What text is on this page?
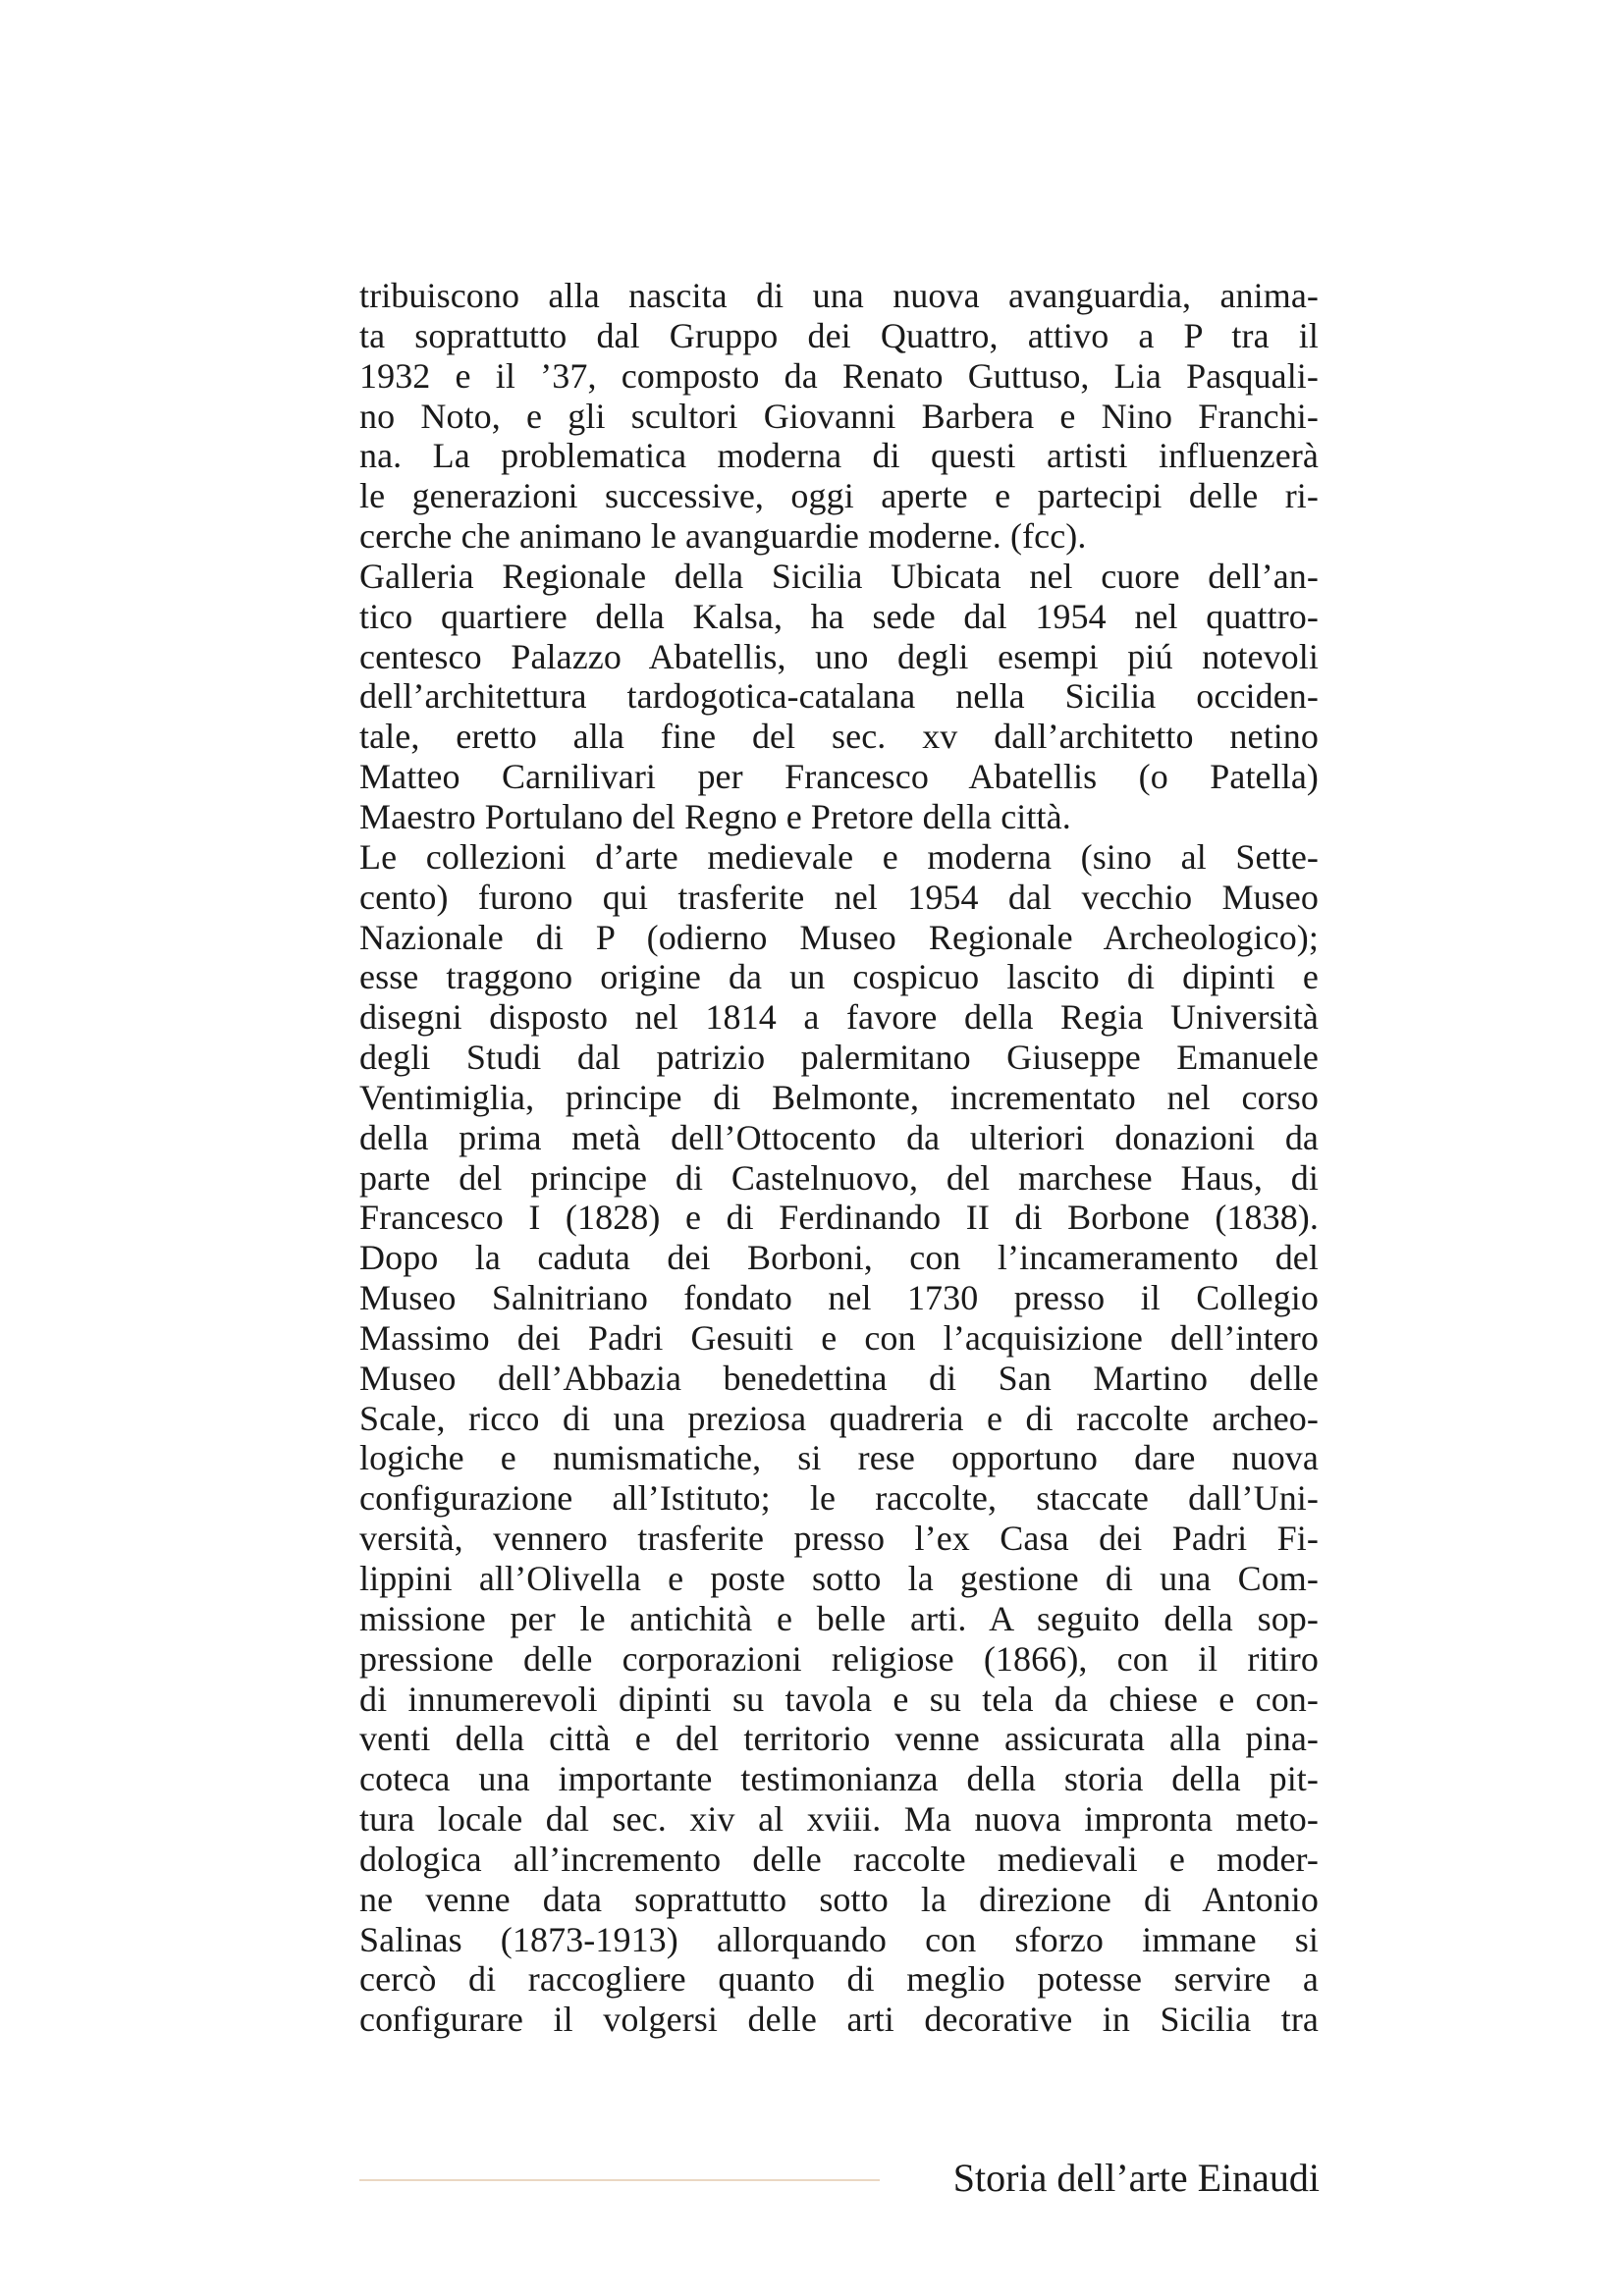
tribuiscono alla nascita di una nuova avanguardia, anima-
ta soprattutto dal Gruppo dei Quattro, attivo a P tra il
1932 e il ’37, composto da Renato Guttuso, Lia Pasquali-
no Noto, e gli scultori Giovanni Barbera e Nino Franchi-
na. La problematica moderna di questi artisti influenzerà
le generazioni successive, oggi aperte e partecipi delle ri-
cerche che animano le avanguardie moderne. (fcc).
Galleria Regionale della Sicilia Ubicata nel cuore dell’an-
tico quartiere della Kalsa, ha sede dal 1954 nel quattro-
centesco Palazzo Abatellis, uno degli esempi piú notevoli
dell’architettura tardogotica-catalana nella Sicilia occiden-
tale, eretto alla fine del sec. xv dall’architetto netino
Matteo Carnilivari per Francesco Abatellis (o Patella)
Maestro Portulano del Regno e Pretore della città.
Le collezioni d’arte medievale e moderna (sino al Sette-
cento) furono qui trasferite nel 1954 dal vecchio Museo
Nazionale di P (odierno Museo Regionale Archeologico);
esse traggono origine da un cospicuo lascito di dipinti e
disegni disposto nel 1814 a favore della Regia Università
degli Studi dal patrizio palermitano Giuseppe Emanuele
Ventimiglia, principe di Belmonte, incrementato nel corso
della prima metà dell’Ottocento da ulteriori donazioni da
parte del principe di Castelnuovo, del marchese Haus, di
Francesco I (1828) e di Ferdinando II di Borbone (1838).
Dopo la caduta dei Borboni, con l’incameramento del
Museo Salnitriano fondato nel 1730 presso il Collegio
Massimo dei Padri Gesuiti e con l’acquisizione dell’intero
Museo dell’Abbazia benedettina di San Martino delle
Scale, ricco di una preziosa quadreria e di raccolte archeo-
logiche e numismatiche, si rese opportuno dare nuova
configurazione all’Istituto; le raccolte, staccate dall’Uni-
versità, vennero trasferite presso l’ex Casa dei Padri Fi-
lippini all’Olivella e poste sotto la gestione di una Com-
missione per le antichità e belle arti. A seguito della sop-
pressione delle corporazioni religiose (1866), con il ritiro
di innumerevoli dipinti su tavola e su tela da chiese e con-
venti della città e del territorio venne assicurata alla pina-
coteca una importante testimonianza della storia della pit-
tura locale dal sec. xiv al xviii. Ma nuova impronta meto-
dologica all’incremento delle raccolte medievali e moder-
ne venne data soprattutto sotto la direzione di Antonio
Salinas (1873-1913) allorquando con sforzo immane si
cercò di raccogliere quanto di meglio potesse servire a
configurare il volgersi delle arti decorative in Sicilia tra
Storia dell’arte Einaudi
